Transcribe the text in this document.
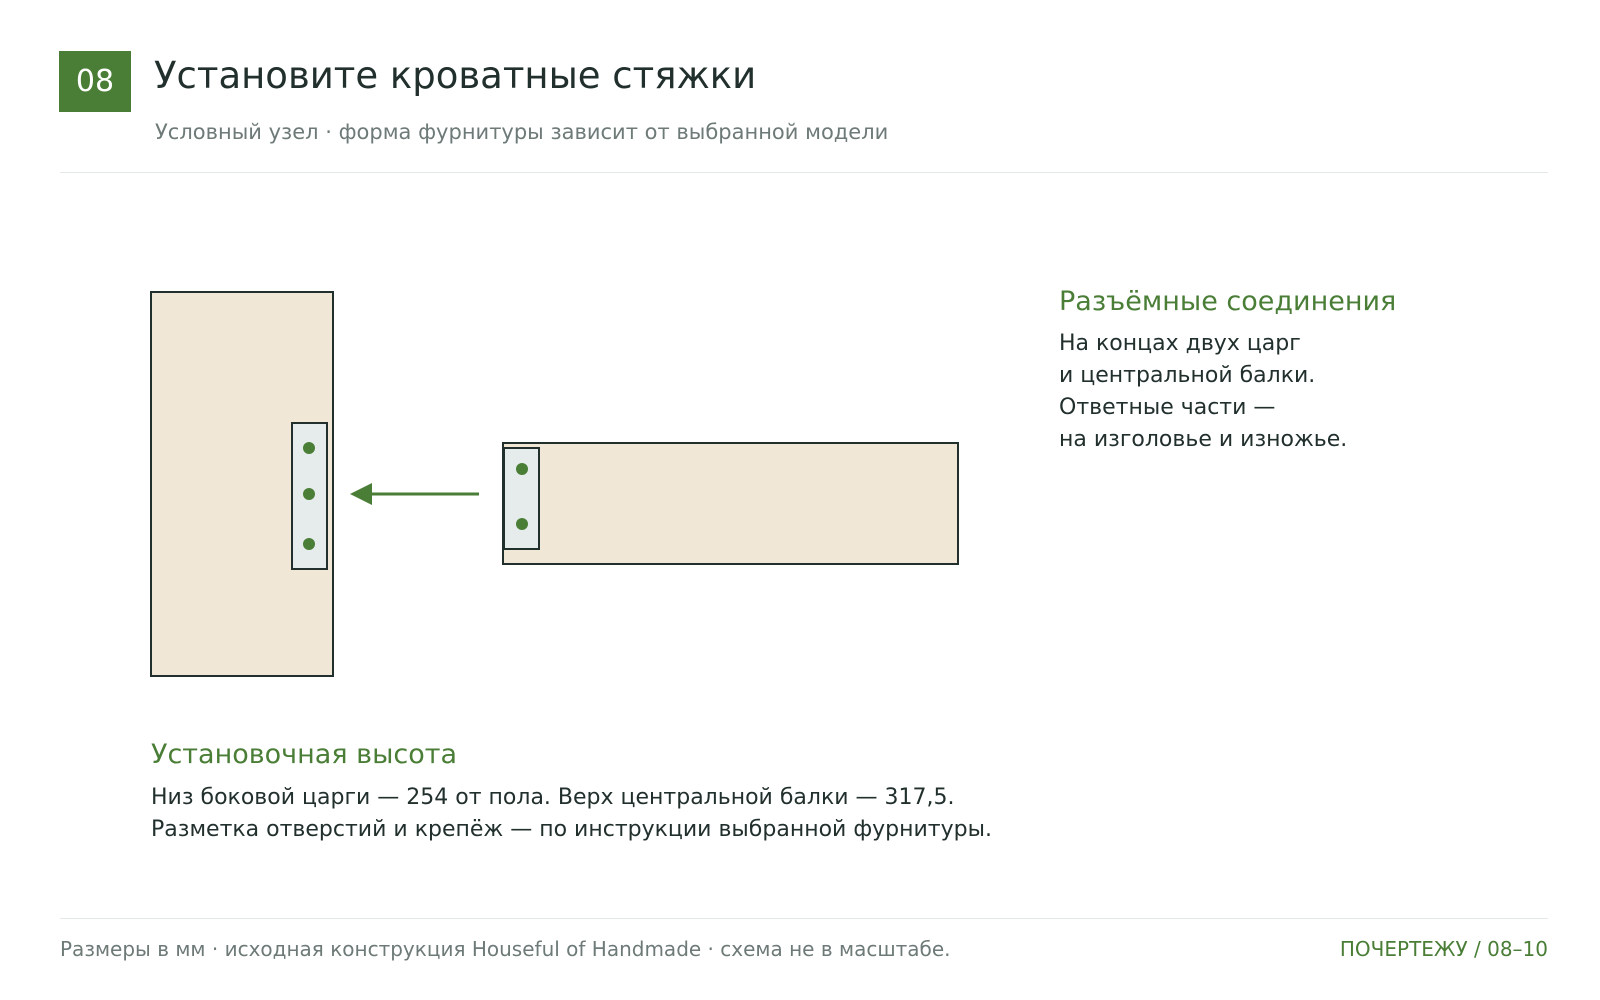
08	Установите кроватные стяжки
Условный узел · форма фурнитуры зависит от выбранной модели
Разъёмные соединения
На концах двух царг
и центральной балки.
Ответные части —
на изголовье и изножье.
Установочная высота
Низ боковой царги — 254 от пола. Верх центральной балки — 317,5.
Разметка отверстий и крепёж — по инструкции выбранной фурнитуры.
Размеры в мм · исходная конструкция Houseful of Handmade · схема не в масштабе.	ПОЧЕРТЕЖУ / 08–10
